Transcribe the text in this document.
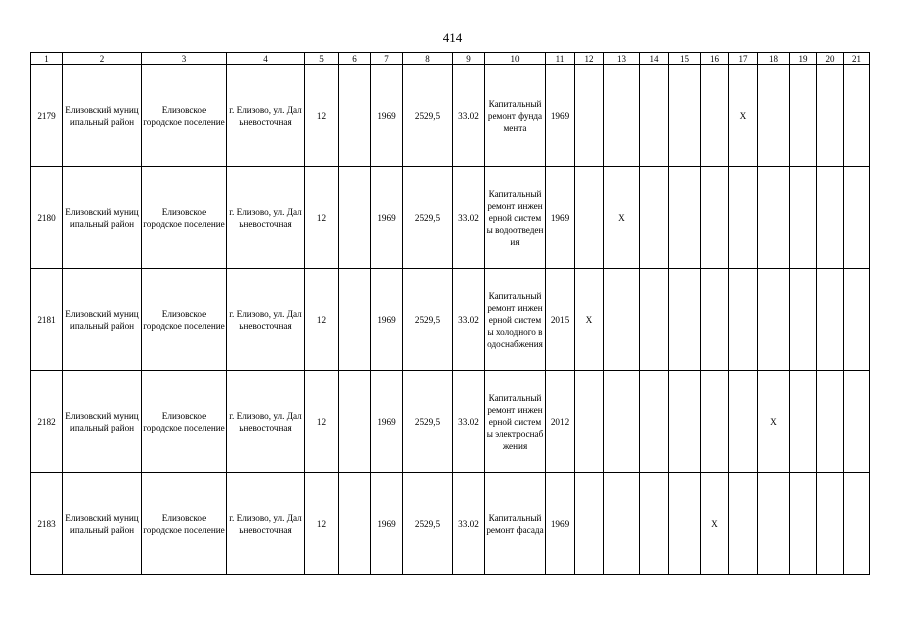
414
1	2	3	4	5	6	7	8	9	10	11	12	13	14	15	16	17	18	19	20	21
2179	Елизовский муниципальный район	Елизовское городское поселение	г. Елизово, ул. Дальневосточная	12		1969	2529,5	33.02	Капитальный ремонт фундамента	1969						Х				
2180	Елизовский муниципальный район	Елизовское городское поселение	г. Елизово, ул. Дальневосточная	12		1969	2529,5	33.02	Капитальный ремонт инженерной системы водоотведения	1969		Х								
2181	Елизовский муниципальный район	Елизовское городское поселение	г. Елизово, ул. Дальневосточная	12		1969	2529,5	33.02	Капитальный ремонт инженерной системы холодного водоснабжения	2015	Х									
2182	Елизовский муниципальный район	Елизовское городское поселение	г. Елизово, ул. Дальневосточная	12		1969	2529,5	33.02	Капитальный ремонт инженерной системы электроснабжения	2012							Х			
2183	Елизовский муниципальный район	Елизовское городское поселение	г. Елизово, ул. Дальневосточная	12		1969	2529,5	33.02	Капитальный ремонт фасада	1969					Х					
